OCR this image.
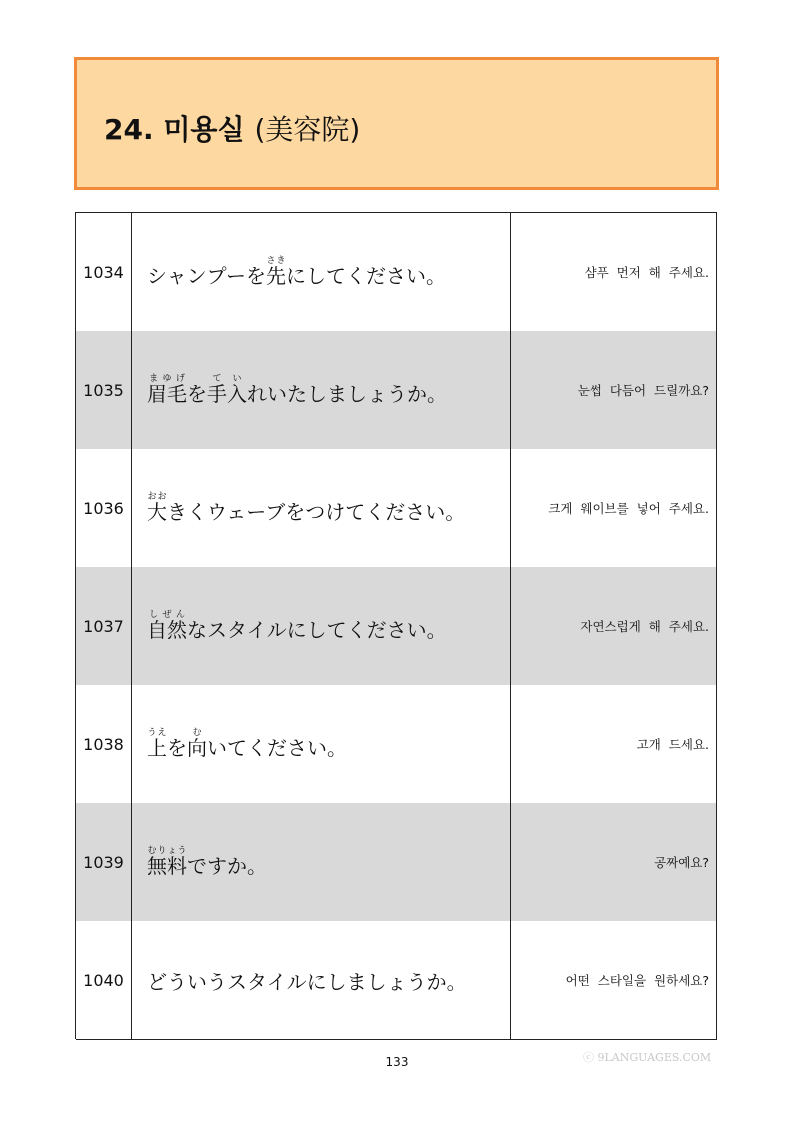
24. 미용실 (美容院)
1034	シャンプーを先さきにしてください。	샴푸 먼저 해 주세요.
1035	眉毛まゆげを手入ていれいたしましょうか。	눈썹 다듬어 드릴까요?
1036	大おおきくウェーブをつけてください。	크게 웨이브를 넣어 주세요.
1037	自然しぜんなスタイルにしてください。	자연스럽게 해 주세요.
1038	上うえを向むいてください。	고개 드세요.
1039	無料むりょうですか。	공짜예요?
1040	どういうスタイルにしましょうか。	어떤 스타일을 원하세요?
133	ⓒ 9LANGUAGES.COM
